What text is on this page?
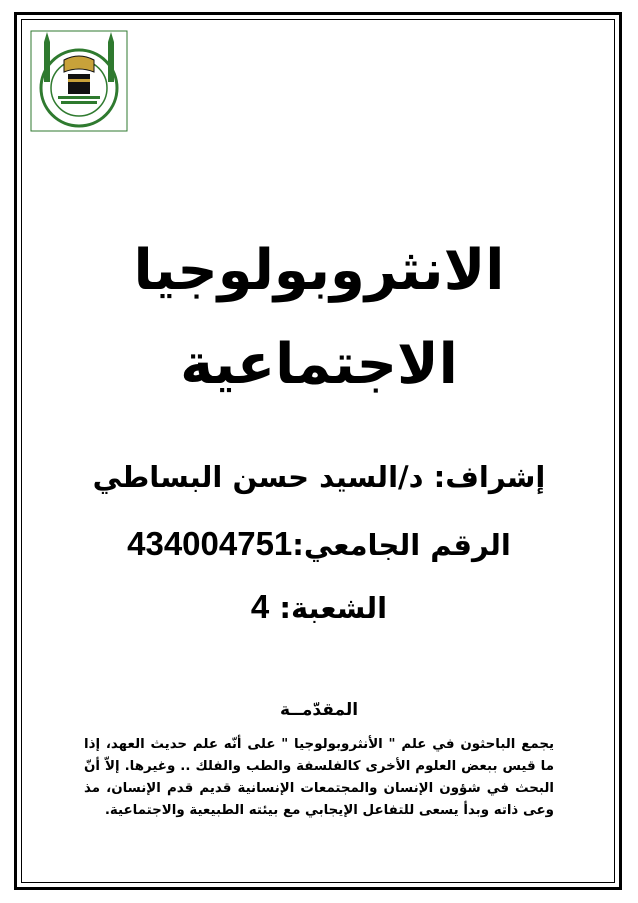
الانثروبولوجيا
الاجتماعية
إشراف: د/السيد حسن البساطي
الرقم الجامعي:434004751
الشعبة: 4
المقدّمــة
يجمع الباحثون في علم " الأنثروبولوجيا " على أنّه علم حديث العهد، إذا ما قيس ببعض العلوم الأخرى كالفلسفة والطب والفلك .. وغيرها. إلاّ أنّ البحث في شؤون الإنسان والمجتمعات الإنسانية قديم قدم الإنسان، مذ وعى ذاته وبدأ يسعى للتفاعل الإيجابي مع بيئته الطبيعية والاجتماعية.
